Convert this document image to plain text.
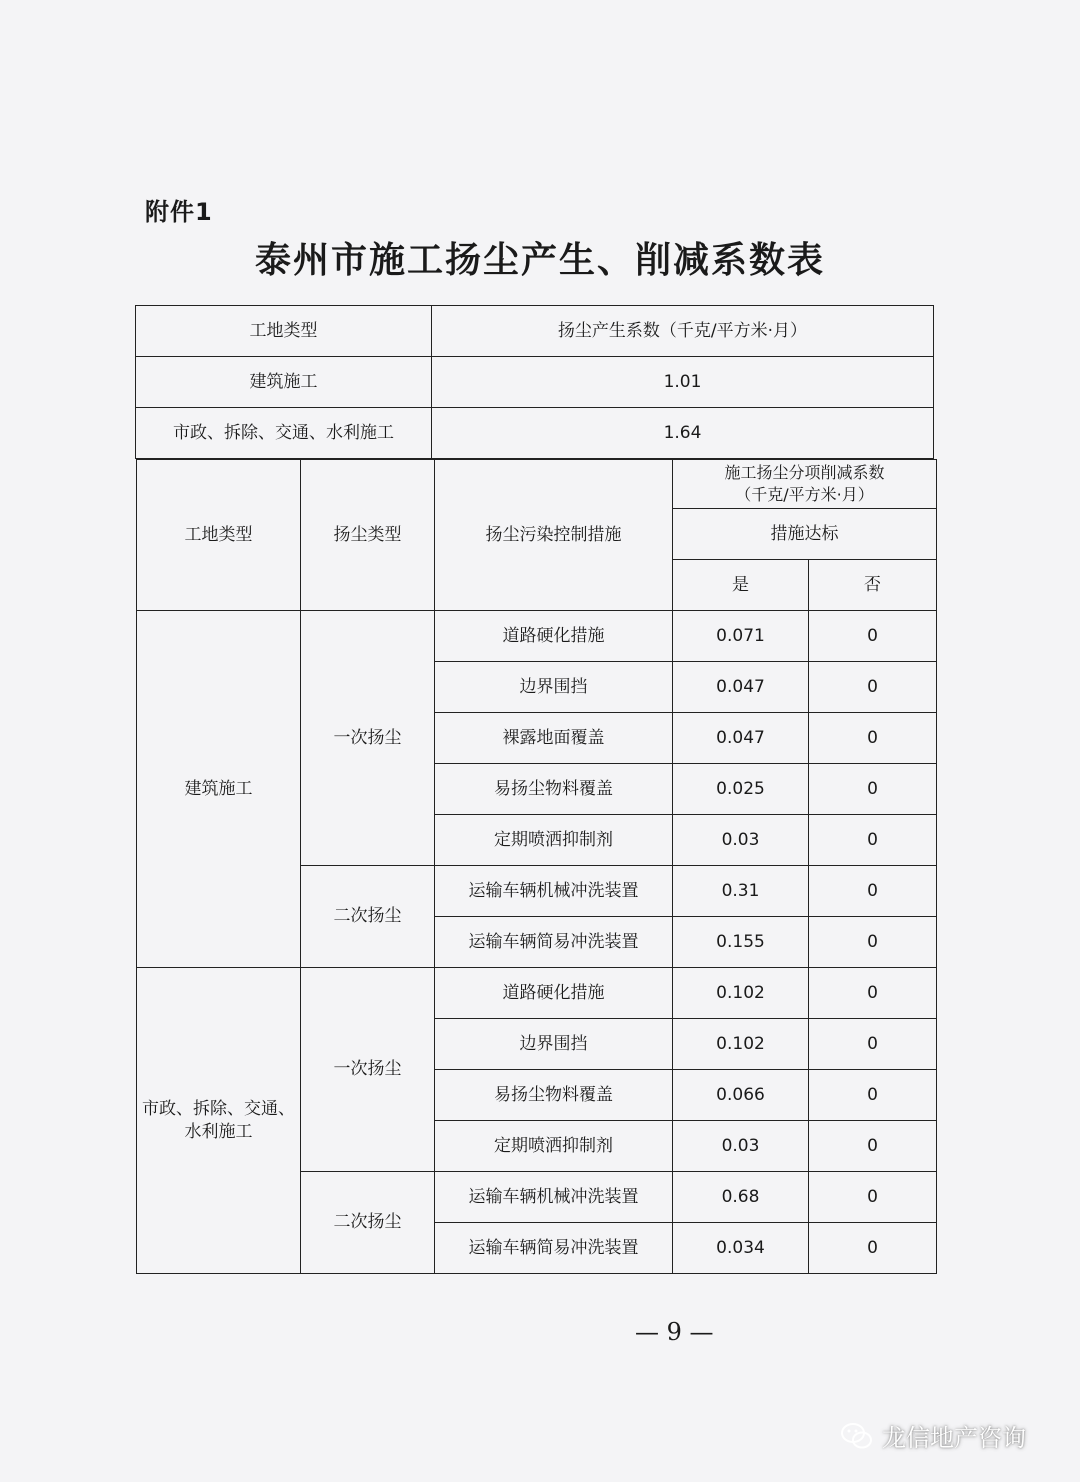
附件1
泰州市施工扬尘产生、削减系数表
工地类型	扬尘产生系数（千克/平方米·月）
建筑施工	1.01
市政、拆除、交通、水利施工	1.64
工地类型	扬尘类型	扬尘污染控制措施	施工扬尘分项削减系数
（千克/平方米·月）	
			措施达标	
			是	否
建筑施工	一次扬尘	道路硬化措施	0.071	0
		边界围挡	0.047	0
		裸露地面覆盖	0.047	0
		易扬尘物料覆盖	0.025	0
		定期喷洒抑制剂	0.03	0
	二次扬尘	运输车辆机械冲洗装置	0.31	0
		运输车辆简易冲洗装置	0.155	0
市政、拆除、交通、
水利施工	一次扬尘	道路硬化措施	0.102	0
		边界围挡	0.102	0
		易扬尘物料覆盖	0.066	0
		定期喷洒抑制剂	0.03	0
	二次扬尘	运输车辆机械冲洗装置	0.68	0
		运输车辆简易冲洗装置	0.034	0
— 9 —
龙信地产咨询
